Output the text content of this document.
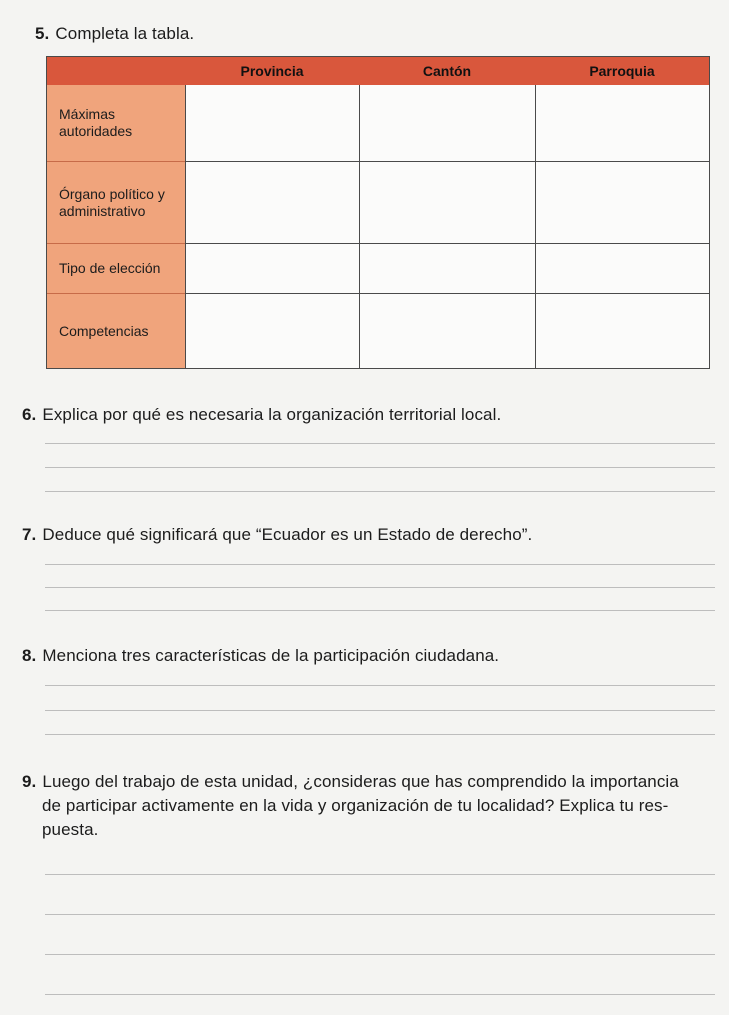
5. Completa la tabla.
Provincia	Cantón	Parroquia
Máximas autoridades
Órgano político y administrativo
Tipo de elección
Competencias
6. Explica por qué es necesaria la organización territorial local.
7. Deduce qué significará que “Ecuador es un Estado de derecho”.
8. Menciona tres características de la participación ciudadana.
9. Luego del trabajo de esta unidad, ¿consideras que has comprendido la importancia
de participar activamente en la vida y organización de tu localidad? Explica tu res-
puesta.
